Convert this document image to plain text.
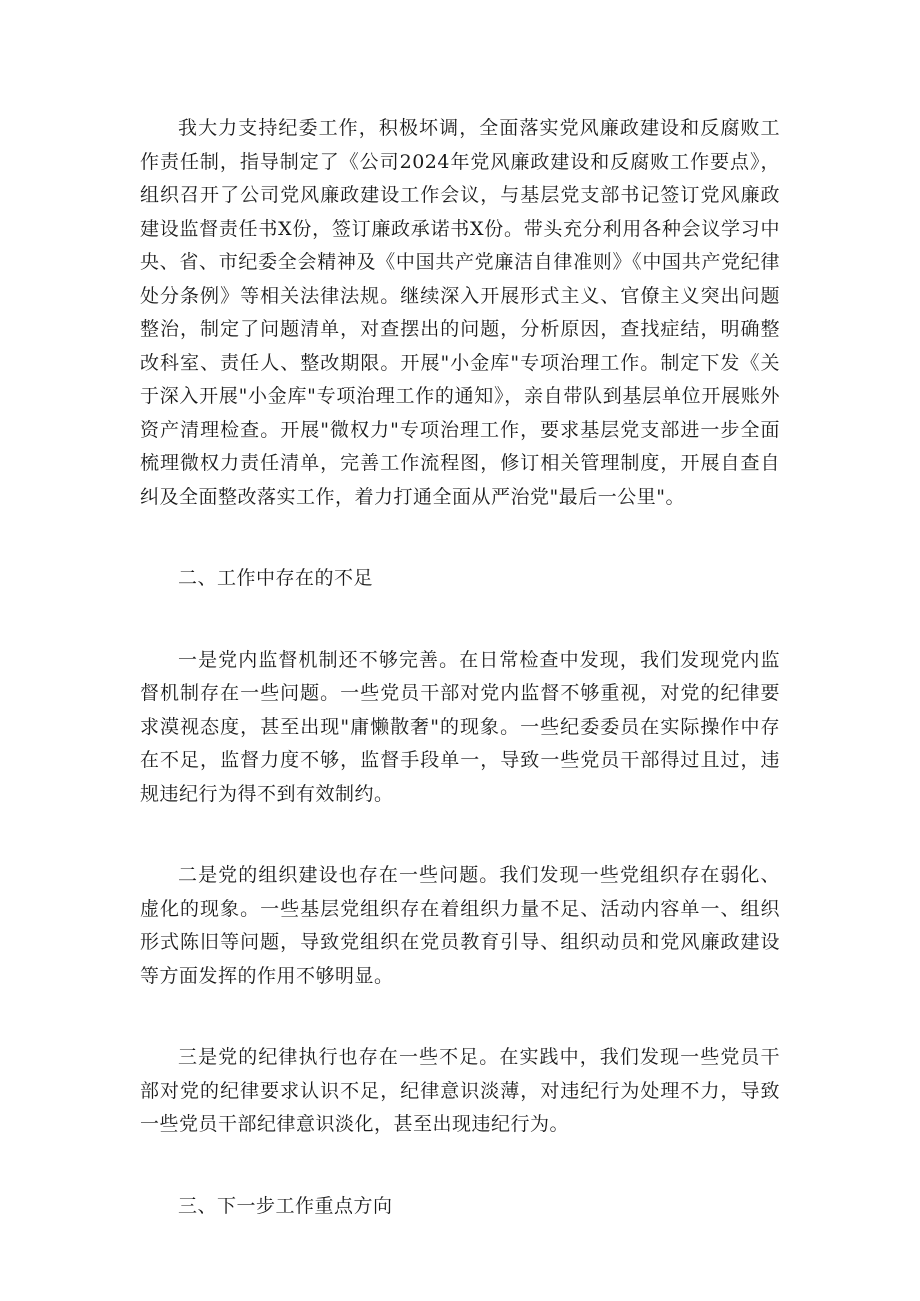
我大力支持纪委工作，积极坏调，全面落实党风廉政建设和反腐败工作责任制，指导制定了《公司2024年党风廉政建设和反腐败工作要点》，组织召开了公司党风廉政建设工作会议，与基层党支部书记签订党风廉政建设监督责任书X份，签订廉政承诺书X份。带头充分利用各种会议学习中央、省、市纪委全会精神及《中国共产党廉洁自律准则》《中国共产党纪律处分条例》等相关法律法规。继续深入开展形式主义、官僚主义突出问题整治，制定了问题清单，对查摆出的问题，分析原因，查找症结，明确整改科室、责任人、整改期限。开展"小金库"专项治理工作。制定下发《关于深入开展"小金库"专项治理工作的通知》，亲自带队到基层单位开展账外资产清理检查。开展"微权力"专项治理工作，要求基层党支部进一步全面梳理微权力责任清单，完善工作流程图，修订相关管理制度，开展自查自纠及全面整改落实工作，着力打通全面从严治党"最后一公里"。

二、工作中存在的不足

一是党内监督机制还不够完善。在日常检查中发现，我们发现党内监督机制存在一些问题。一些党员干部对党内监督不够重视，对党的纪律要求漠视态度，甚至出现"庸懒散奢"的现象。一些纪委委员在实际操作中存在不足，监督力度不够，监督手段单一，导致一些党员干部得过且过，违规违纪行为得不到有效制约。

二是党的组织建设也存在一些问题。我们发现一些党组织存在弱化、虚化的现象。一些基层党组织存在着组织力量不足、活动内容单一、组织形式陈旧等问题，导致党组织在党员教育引导、组织动员和党风廉政建设等方面发挥的作用不够明显。

三是党的纪律执行也存在一些不足。在实践中，我们发现一些党员干部对党的纪律要求认识不足，纪律意识淡薄，对违纪行为处理不力，导致一些党员干部纪律意识淡化，甚至出现违纪行为。

三、下一步工作重点方向
